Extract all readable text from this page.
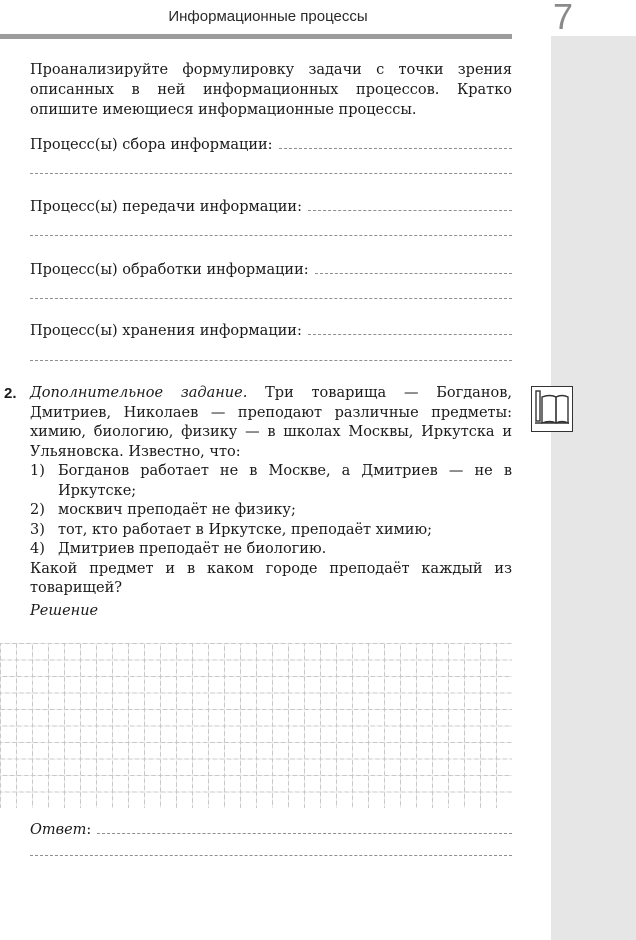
Информационные процессы	7
Проанализируйте формулировку задачи с точки зрения описанных в ней информационных процессов. Кратко опишите имеющиеся информационные процессы.
Процесс(ы) сбора информации:
Процесс(ы) передачи информации:
Процесс(ы) обработки информации:
Процесс(ы) хранения информации:
2. Дополнительное задание. Три товарища — Богданов, Дмитриев, Николаев — преподают различные предметы: химию, биологию, физику — в школах Москвы, Иркутска и Ульяновска. Известно, что:

1) Богданов работает не в Москве, а Дмитриев — не в Иркутске;

2) москвич преподаёт не физику;

3) тот, кто работает в Иркутске, преподаёт химию;

4) Дмитриев преподаёт не биологию.

Какой предмет и в каком городе преподаёт каждый из товарищей?

Решение
Ответ:
